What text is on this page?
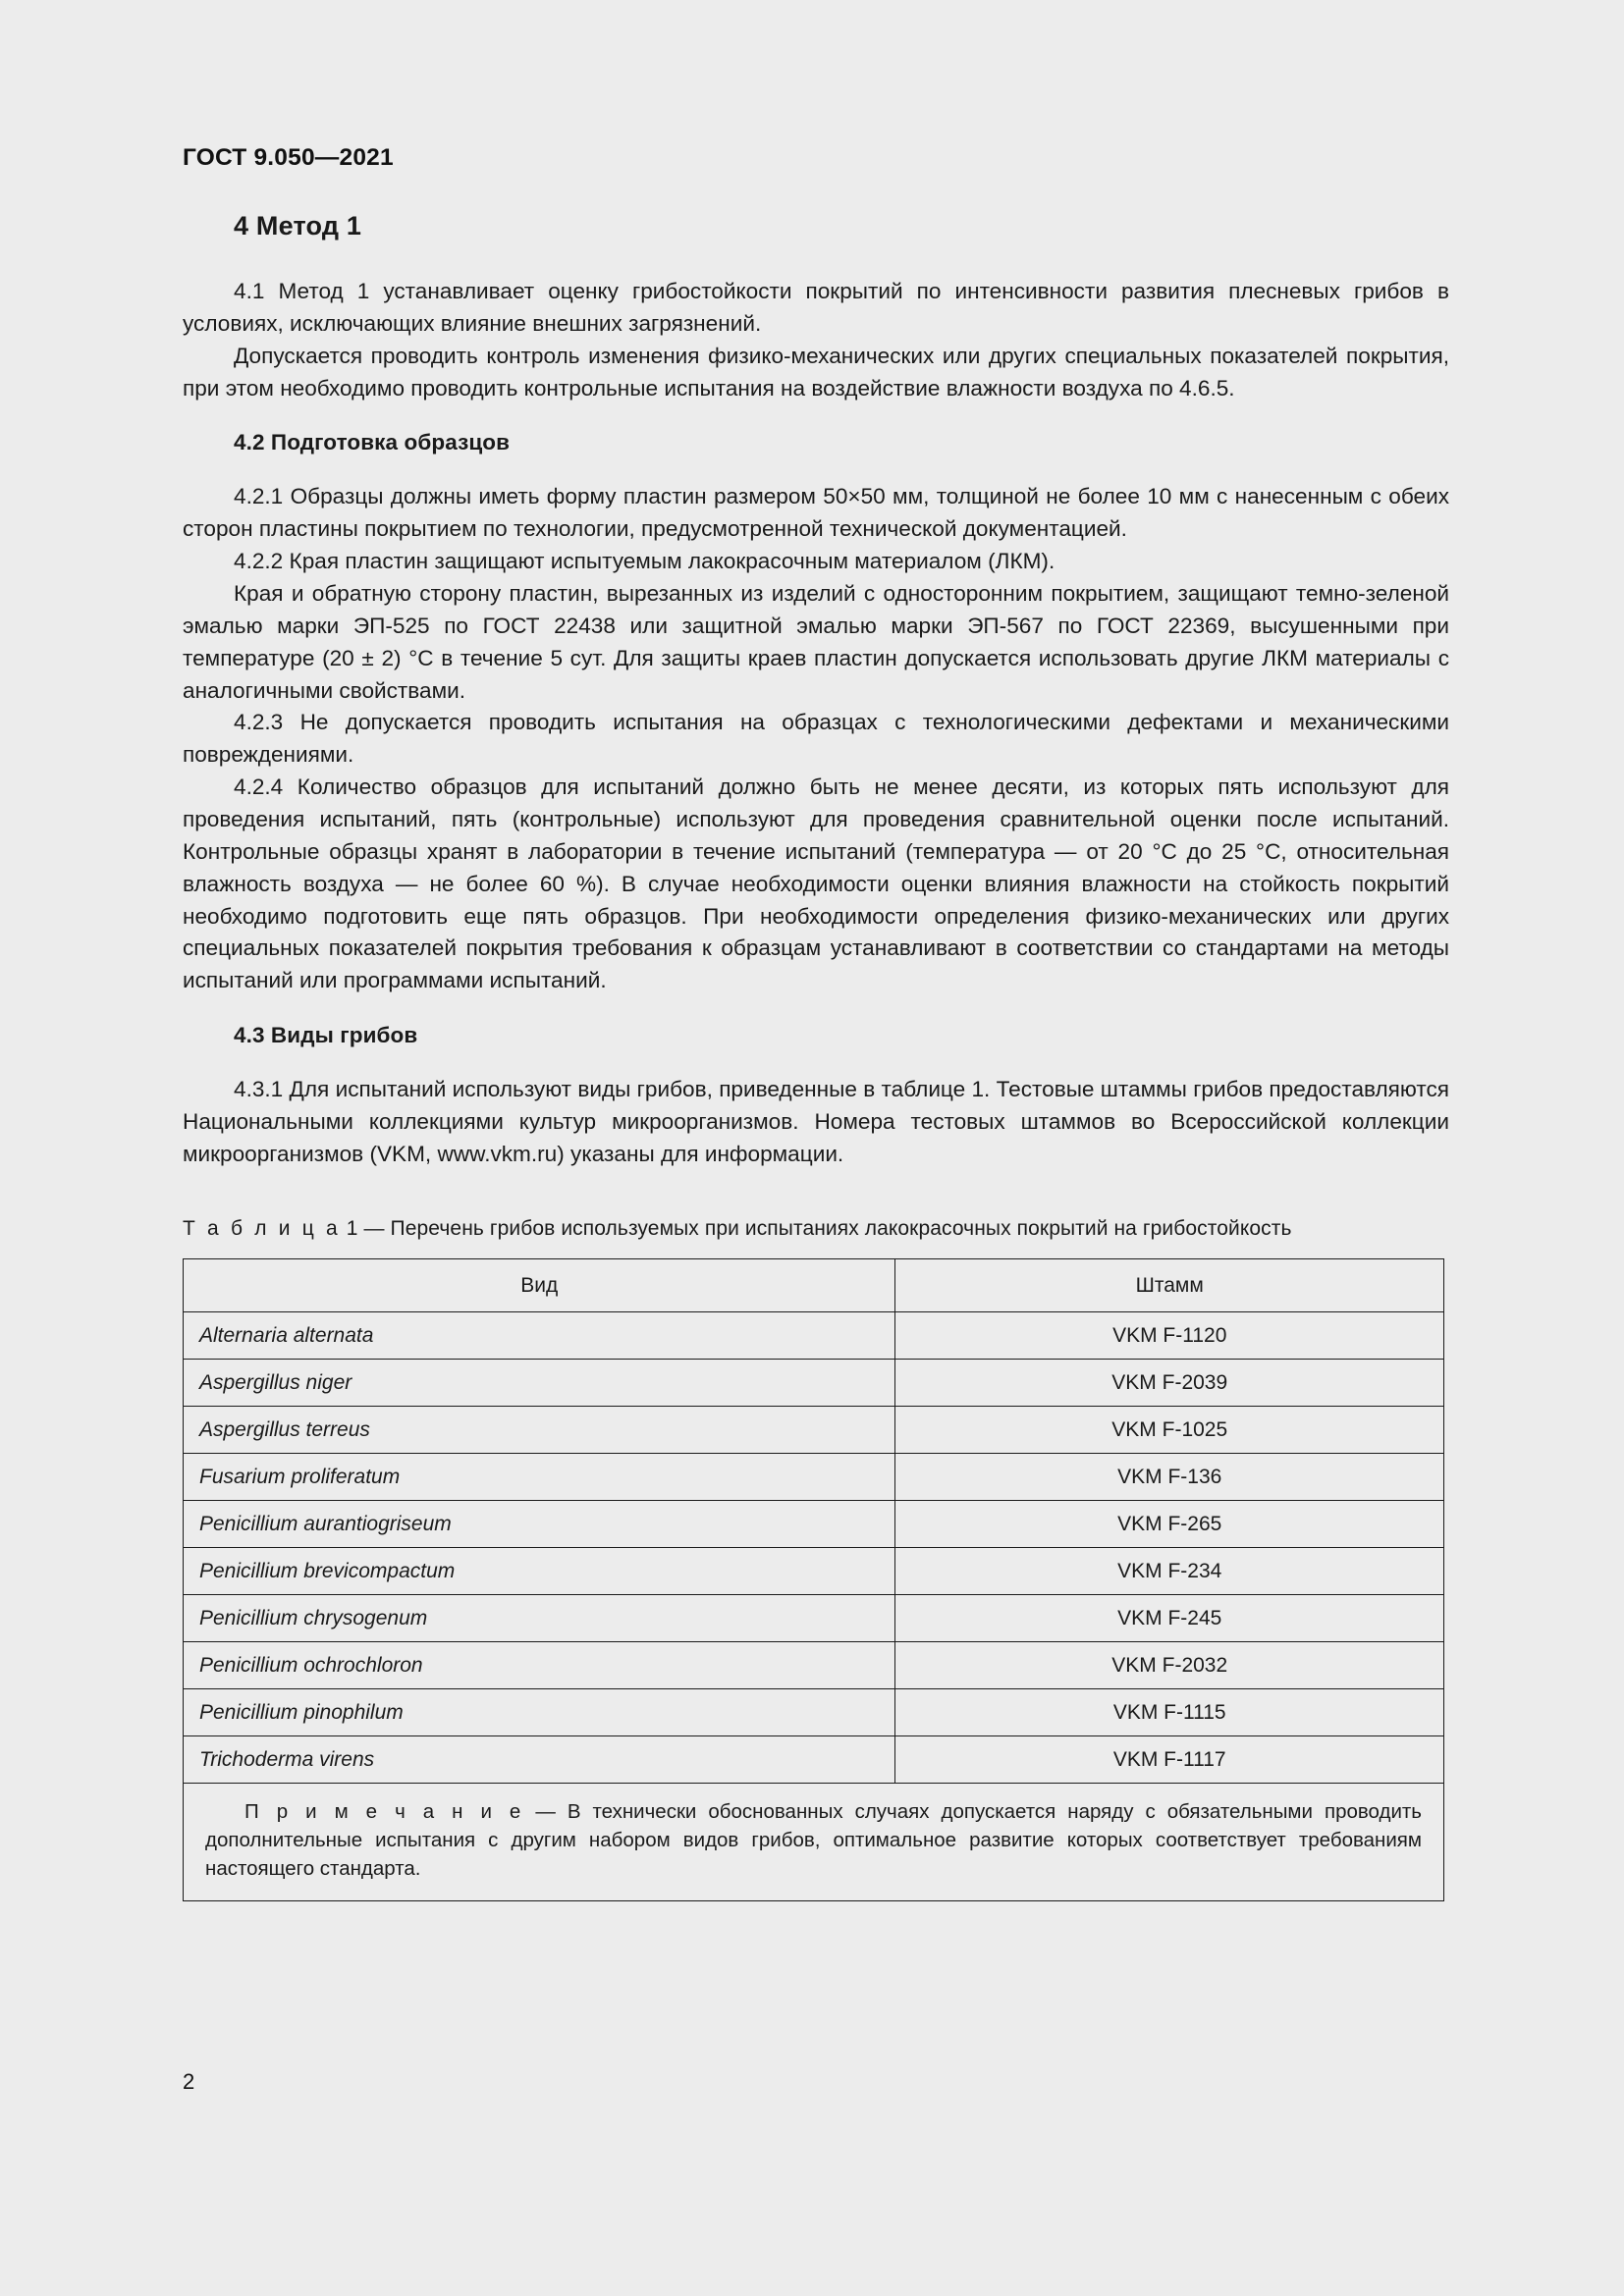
ГОСТ 9.050—2021
4 Метод 1

4.1 Метод 1 устанавливает оценку грибостойкости покрытий по интенсивности развития плесневых грибов в условиях, исключающих влияние внешних загрязнений.

Допускается проводить контроль изменения физико-механических или других специальных показателей покрытия, при этом необходимо проводить контрольные испытания на воздействие влажности воздуха по 4.6.5.

4.2 Подготовка образцов

4.2.1 Образцы должны иметь форму пластин размером 50×50 мм, толщиной не более 10 мм с нанесенным с обеих сторон пластины покрытием по технологии, предусмотренной технической документацией.

4.2.2 Края пластин защищают испытуемым лакокрасочным материалом (ЛКМ).

Края и обратную сторону пластин, вырезанных из изделий с односторонним покрытием, защищают темно-зеленой эмалью марки ЭП-525 по ГОСТ 22438 или защитной эмалью марки ЭП-567 по ГОСТ 22369, высушенными при температуре (20 ± 2) °C в течение 5 сут. Для защиты краев пластин допускается использовать другие ЛКМ материалы с аналогичными свойствами.

4.2.3 Не допускается проводить испытания на образцах с технологическими дефектами и механическими повреждениями.

4.2.4 Количество образцов для испытаний должно быть не менее десяти, из которых пять используют для проведения испытаний, пять (контрольные) используют для проведения сравнительной оценки после испытаний. Контрольные образцы хранят в лаборатории в течение испытаний (температура — от 20 °C до 25 °C, относительная влажность воздуха — не более 60 %). В случае необходимости оценки влияния влажности на стойкость покрытий необходимо подготовить еще пять образцов. При необходимости определения физико-механических или других специальных показателей покрытия требования к образцам устанавливают в соответствии со стандартами на методы испытаний или программами испытаний.

4.3 Виды грибов

4.3.1 Для испытаний используют виды грибов, приведенные в таблице 1. Тестовые штаммы грибов предоставляются Национальными коллекциями культур микроорганизмов. Номера тестовых штаммов во Всероссийской коллекции микроорганизмов (VKM, www.vkm.ru) указаны для информации.

Т а б л и ц а 1 — Перечень грибов используемых при испытаниях лакокрасочных покрытий на грибостойкость

Вид	Штамм
Alternaria alternata	VKM F-1120
Aspergillus niger	VKM F-2039
Aspergillus terreus	VKM F-1025
Fusarium proliferatum	VKM F-136
Penicillium aurantiogriseum	VKM F-265
Penicillium brevicompactum	VKM F-234
Penicillium chrysogenum	VKM F-245
Penicillium ochrochloron	VKM F-2032
Penicillium pinophilum	VKM F-1115
Trichoderma virens	VKM F-1117
П р и м е ч а н и е — В технически обоснованных случаях допускается наряду с обязательными проводить дополнительные испытания с другим набором видов грибов, оптимальное развитие которых соответствует требованиям настоящего стандарта.	
2
